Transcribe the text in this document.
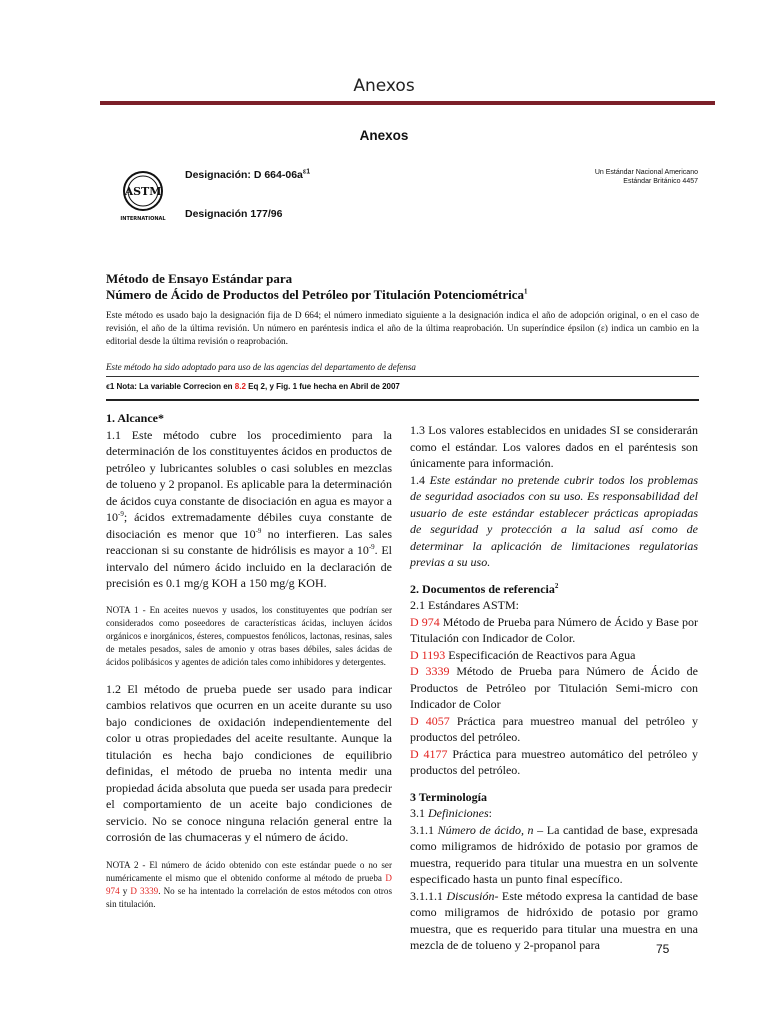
Anexos
Anexos
ASTM
INTERNATIONAL
Designación: D $664-06a^{\varepsilon 1}$
Designación 177/96
Un Estándar Nacional Americano
Estándar Británico 4457
Método de Ensayo Estándar para
Número de Ácido de Productos del Petróleo por Titulación Potenciométrica$^1$
Este método es usado bajo la designación fija de D 664; el número inmediato siguiente a la designación indica el año de adopción original, o en el caso de revisión, el año de la última revisión. Un número en paréntesis indica el año de la última reaprobación. Un superíndice épsilon (ε) indica un cambio en la editorial desde la última revisión o reaprobación.
Este método ha sido adoptado para uso de las agencias del departamento de defensa
ϵ1 Nota: La variable Correcion en 8.2 Eq 2, y Fig. 1 fue hecha en Abril de 2007
1. Alcance*

1.1 Este método cubre los procedimiento para la determinación de los constituyentes ácidos en productos de petróleo y lubricantes solubles o casi solubles en mezclas de tolueno y 2 propanol. Es aplicable para la determinación de ácidos cuya constante de disociación en agua es mayor a $10^{-9}$; ácidos extremadamente débiles cuya constante de disociación es menor que $10^{-9}$ no interfieren. Las sales reaccionan si su constante de hidrólisis es mayor a $10^{-9}$. El intervalo del número ácido incluido en la declaración de precisión es 0.1 mg/g KOH a 150 mg/g KOH.

NOTA 1 - En aceites nuevos y usados, los constituyentes que podrían ser considerados como poseedores de características ácidas, incluyen ácidos orgánicos e inorgánicos, ésteres, compuestos fenólicos, lactonas, resinas, sales de metales pesados, sales de amonio y otras bases débiles, sales ácidas de ácidos polibásicos y agentes de adición tales como inhibidores y detergentes.

1.2 El método de prueba puede ser usado para indicar cambios relativos que ocurren en un aceite durante su uso bajo condiciones de oxidación independientemente del color u otras propiedades del aceite resultante. Aunque la titulación es hecha bajo condiciones de equilibrio definidas, el método de prueba no intenta medir una propiedad ácida absoluta que pueda ser usada para predecir el comportamiento de un aceite bajo condiciones de servicio. No se conoce ninguna relación general entre la corrosión de las chumaceras y el número de ácido.

NOTA 2 - El número de ácido obtenido con este estándar puede o no ser numéricamente el mismo que el obtenido conforme al método de prueba D 974 y D 3339. No se ha intentado la correlación de estos métodos con otros sin titulación.

1.3 Los valores establecidos en unidades SI se considerarán como el estándar. Los valores dados en el paréntesis son únicamente para información.

1.4 Este estándar no pretende cubrir todos los problemas de seguridad asociados con su uso. Es responsabilidad del usuario de este estándar establecer prácticas apropiadas de seguridad y protección a la salud así como de determinar la aplicación de limitaciones regulatorias previas a su uso.

2. Documentos de referencia$^2$

2.1 Estándares ASTM:

D 974 Método de Prueba para Número de Ácido y Base por Titulación con Indicador de Color.

D 1193 Especificación de Reactivos para Agua

D 3339 Método de Prueba para Número de Ácido de Productos de Petróleo por Titulación Semi-micro con Indicador de Color

D 4057 Práctica para muestreo manual del petróleo y productos del petróleo.

D 4177 Práctica para muestreo automático del petróleo y productos del petróleo.

3 Terminología

3.1 Definiciones:

3.1.1 Número de ácido, n – La cantidad de base, expresada como miligramos de hidróxido de potasio por gramos de muestra, requerido para titular una muestra en un solvente especificado hasta un punto final específico.

3.1.1.1 Discusión- Este método expresa la cantidad de base como miligramos de hidróxido de potasio por gramo muestra, que es requerido para titular una muestra en una mezcla de de tolueno y 2-propanol para	75
